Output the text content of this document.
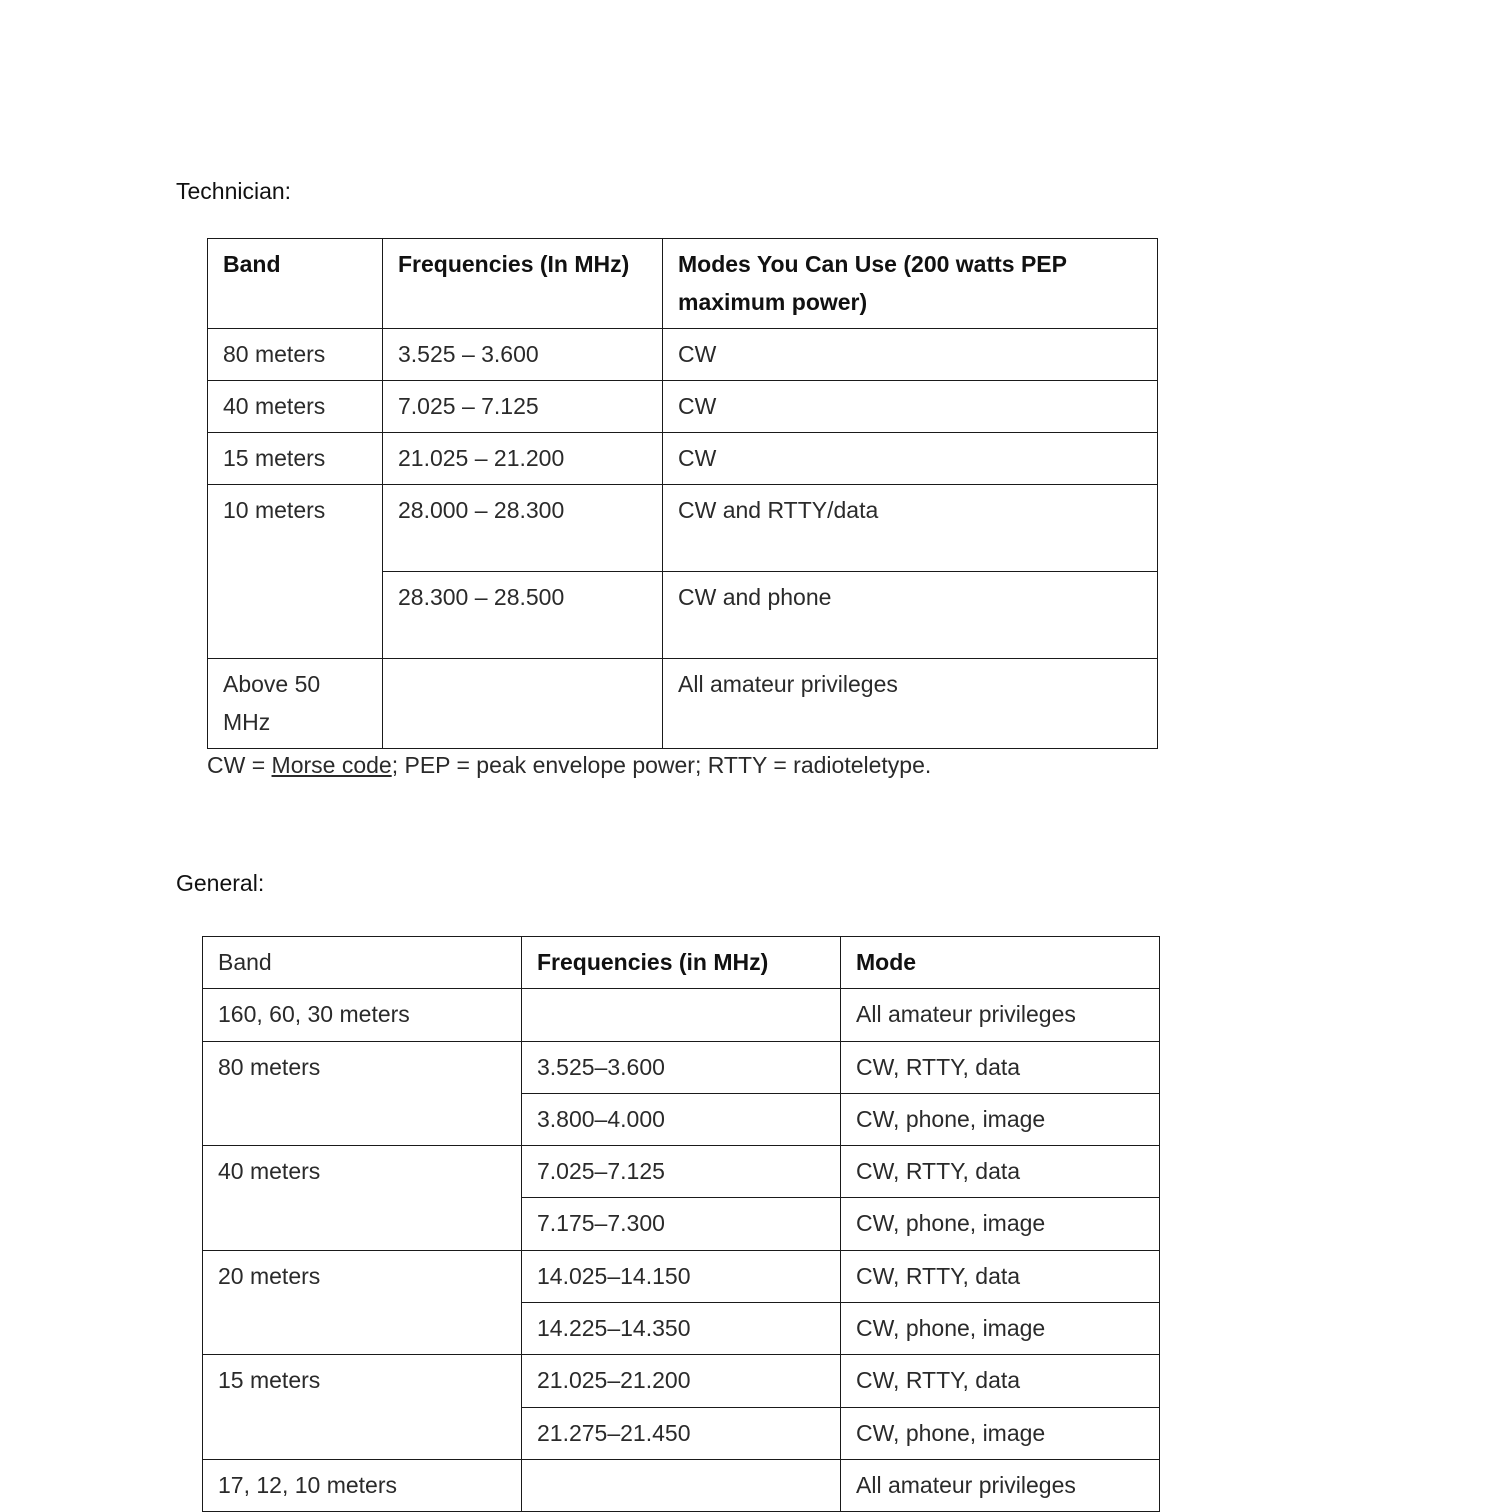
Technician:

Band	Frequencies (In MHz)	Modes You Can Use (200 watts PEP maximum power)
80 meters	3.525 – 3.600	CW
40 meters	7.025 – 7.125	CW
15 meters	21.025 – 21.200	CW
10 meters	28.000 – 28.300	CW and RTTY/data
	28.300 – 28.500	CW and phone
Above 50 MHz		All amateur privileges

CW = Morse code; PEP = peak envelope power; RTTY = radioteletype.

General:

Band	Frequencies (in MHz)	Mode
160, 60, 30 meters		All amateur privileges
80 meters	3.525–3.600	CW, RTTY, data
	3.800–4.000	CW, phone, image
40 meters	7.025–7.125	CW, RTTY, data
	7.175–7.300	CW, phone, image
20 meters	14.025–14.150	CW, RTTY, data
	14.225–14.350	CW, phone, image
15 meters	21.025–21.200	CW, RTTY, data
	21.275–21.450	CW, phone, image
17, 12, 10 meters		All amateur privileges
